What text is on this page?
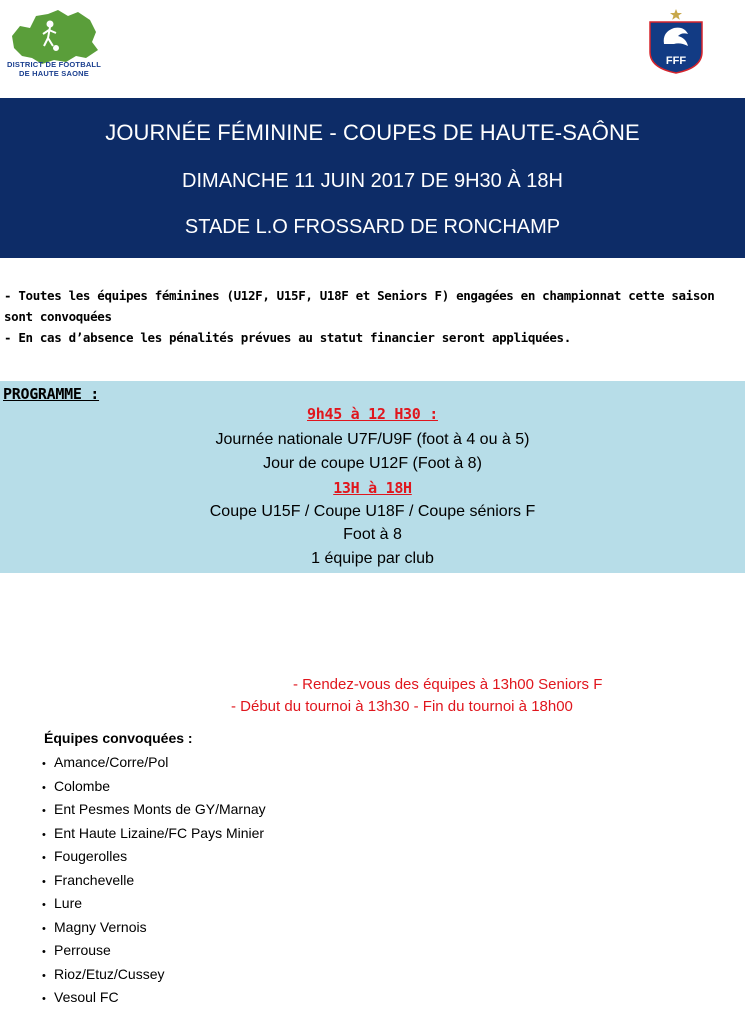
DISTRICT DE FOOTBALL DE HAUTE SAONE
FFF
JOURNÉE FÉMININE - COUPES DE HAUTE-SAÔNE
DIMANCHE 11 JUIN 2017 DE 9H30 À 18H
STADE L.O FROSSARD DE RONCHAMP

- Toutes les équipes féminines (U12F, U15F, U18F et Seniors F) engagées en championnat cette saison

sont convoquées

- En cas d’absence les pénalités prévues au statut financier seront appliquées.

PROGRAMME :
9h45 à 12 H30 :
Journée nationale U7F/U9F (foot à 4 ou à 5)
Jour de coupe U12F (Foot à 8)
13H à 18H
Coupe U15F / Coupe U18F / Coupe séniors F
Foot à 8
1 équipe par club
- Rendez-vous des équipes à 13h00 Seniors F
- Début du tournoi à 13h30 - Fin du tournoi à 18h00
Équipes convoquées :
• Amance/Corre/Pol
• Colombe
• Ent Pesmes Monts de GY/Marnay
• Ent Haute Lizaine/FC Pays Minier
• Fougerolles
• Franchevelle
• Lure
• Magny Vernois
• Perrouse
• Rioz/Etuz/Cussey
• Vesoul FC
